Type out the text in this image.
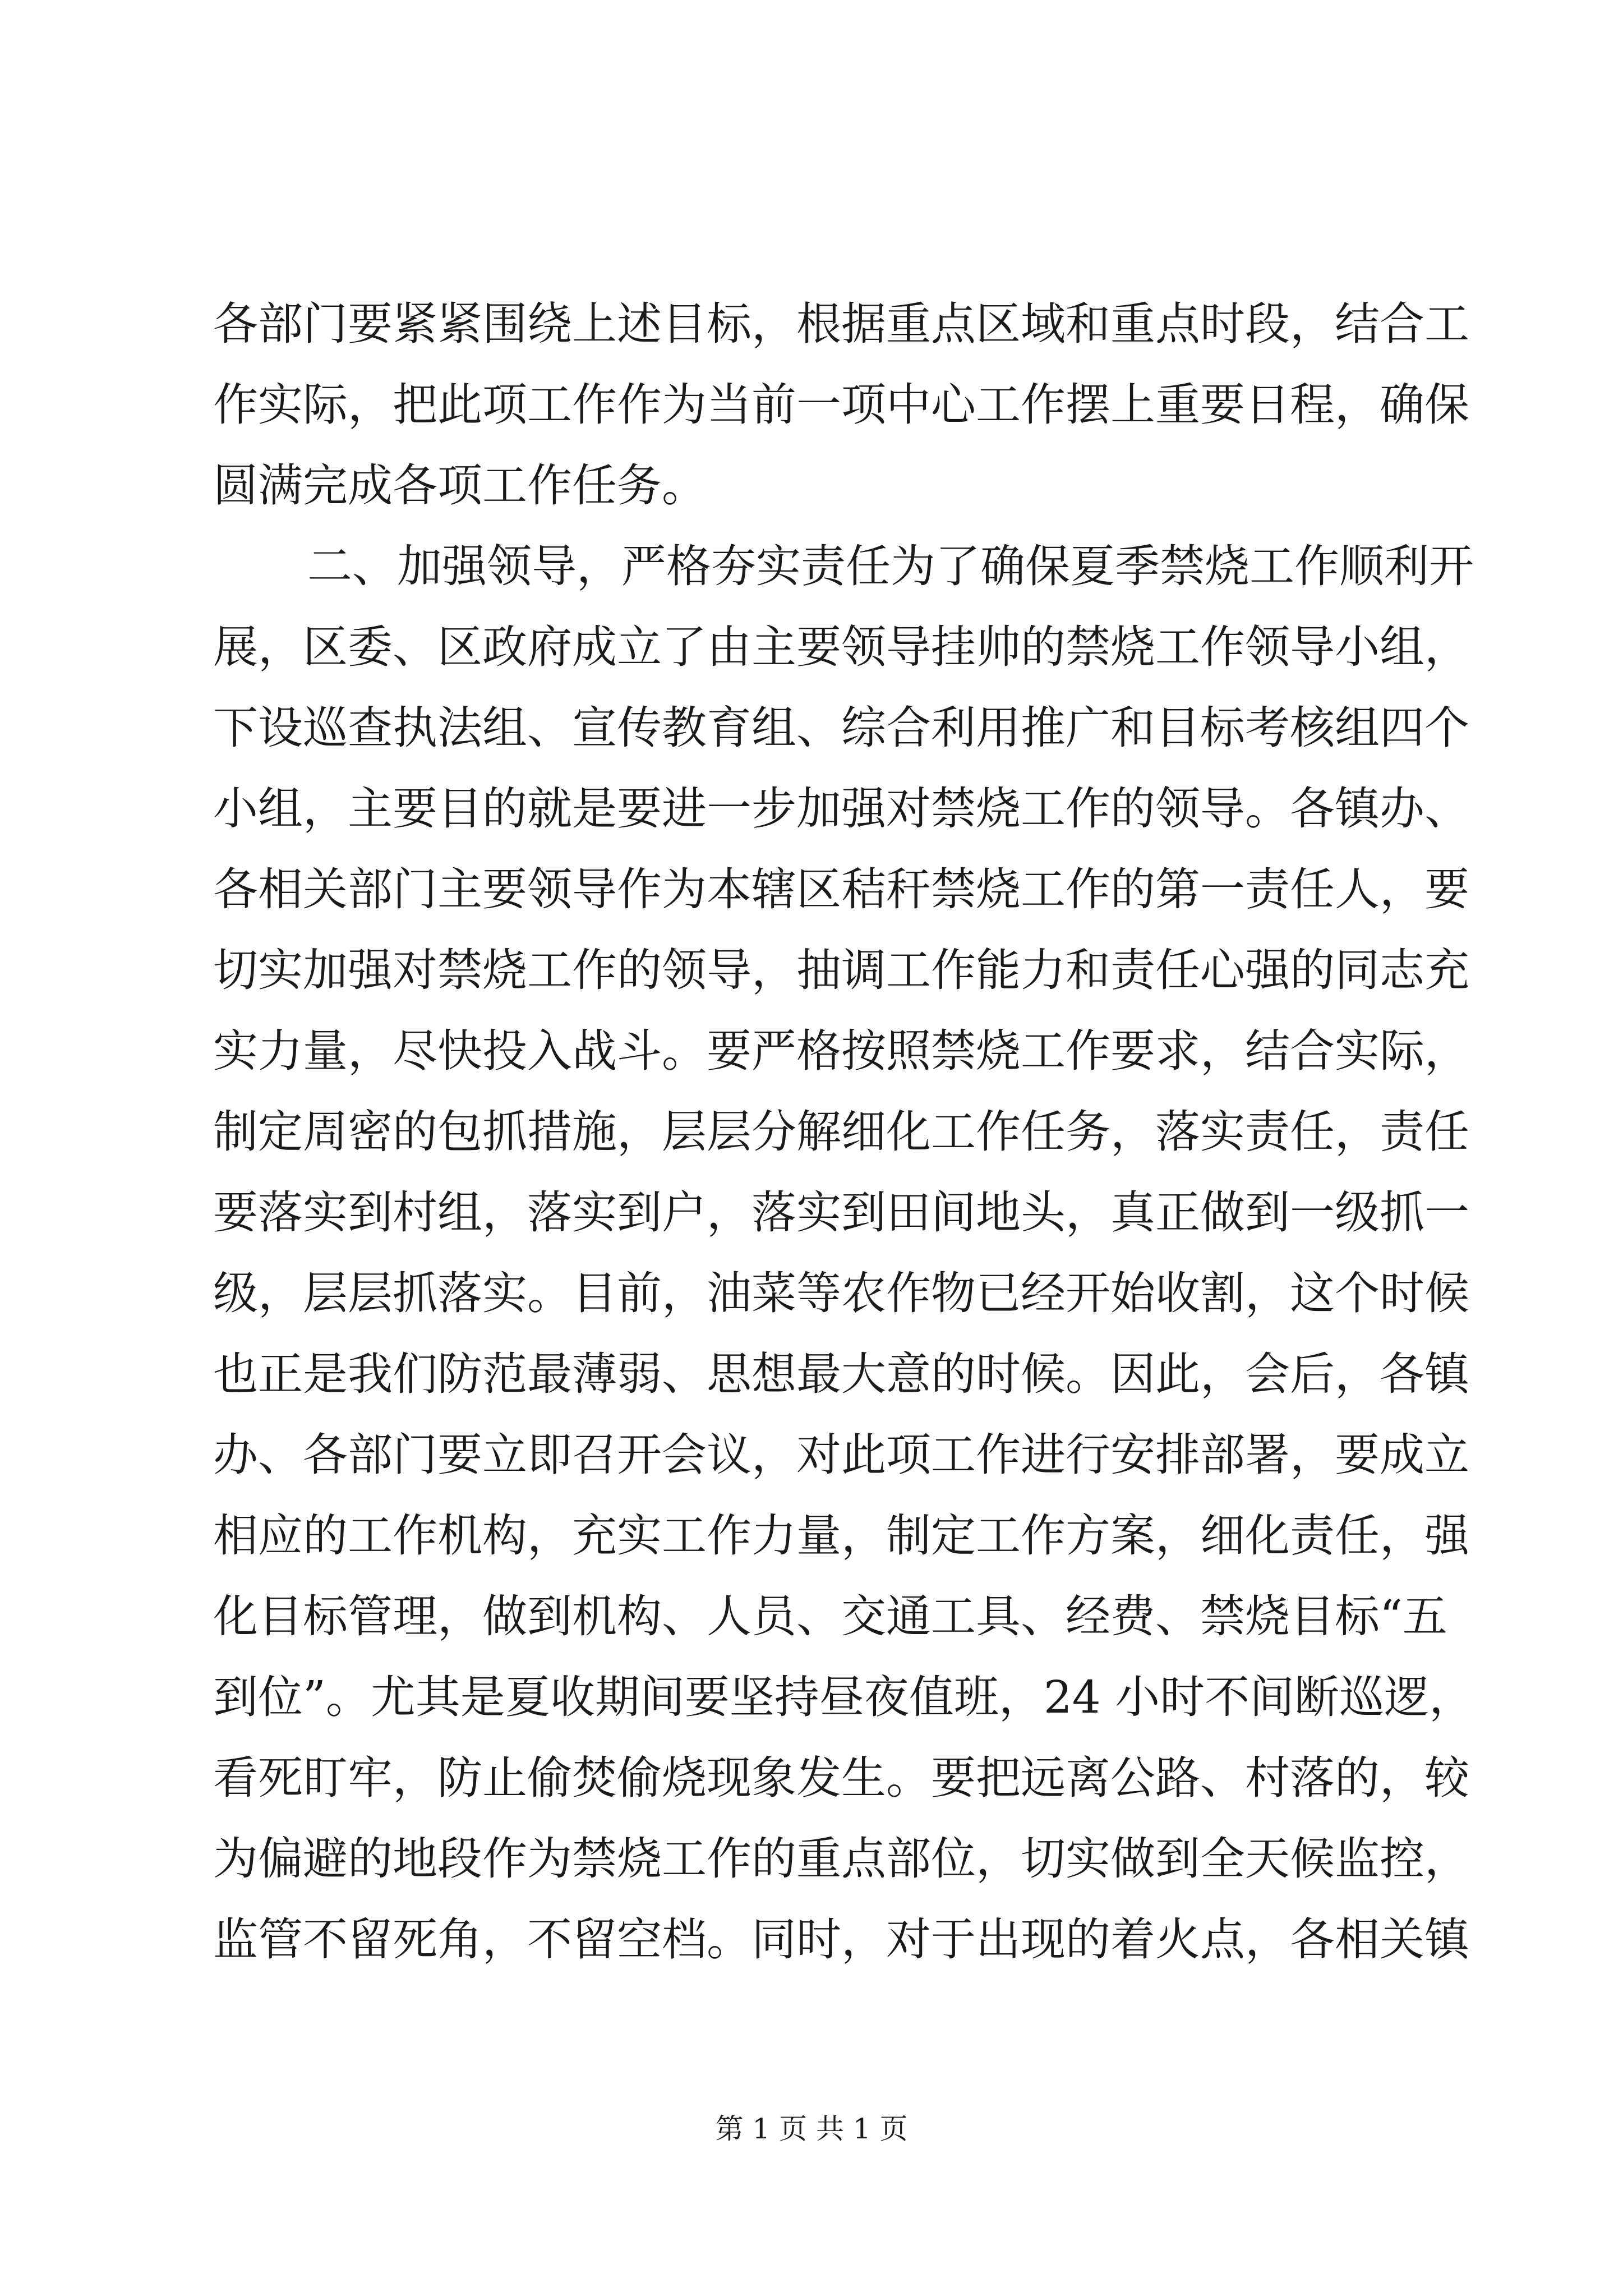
各部门要紧紧围绕上述目标，根据重点区域和重点时段，结合工

作实际，把此项工作作为当前一项中心工作摆上重要日程，确保

圆满完成各项工作任务。

二、加强领导，严格夯实责任为了确保夏季禁烧工作顺利开

展，区委、区政府成立了由主要领导挂帅的禁烧工作领导小组，

下设巡查执法组、宣传教育组、综合利用推广和目标考核组四个

小组，主要目的就是要进一步加强对禁烧工作的领导。各镇办、

各相关部门主要领导作为本辖区秸秆禁烧工作的第一责任人，要

切实加强对禁烧工作的领导，抽调工作能力和责任心强的同志充

实力量，尽快投入战斗。要严格按照禁烧工作要求，结合实际，

制定周密的包抓措施，层层分解细化工作任务，落实责任，责任

要落实到村组，落实到户，落实到田间地头，真正做到一级抓一

级，层层抓落实。目前，油菜等农作物已经开始收割，这个时候

也正是我们防范最薄弱、思想最大意的时候。因此，会后，各镇

办、各部门要立即召开会议，对此项工作进行安排部署，要成立

相应的工作机构，充实工作力量，制定工作方案，细化责任，强

化目标管理，做到机构、人员、交通工具、经费、禁烧目标“五

到位”。尤其是夏收期间要坚持昼夜值班，24 小时不间断巡逻，

看死盯牢，防止偷焚偷烧现象发生。要把远离公路、村落的，较

为偏避的地段作为禁烧工作的重点部位，切实做到全天候监控，

监管不留死角，不留空档。同时，对于出现的着火点，各相关镇

第 1 页 共 1 页
